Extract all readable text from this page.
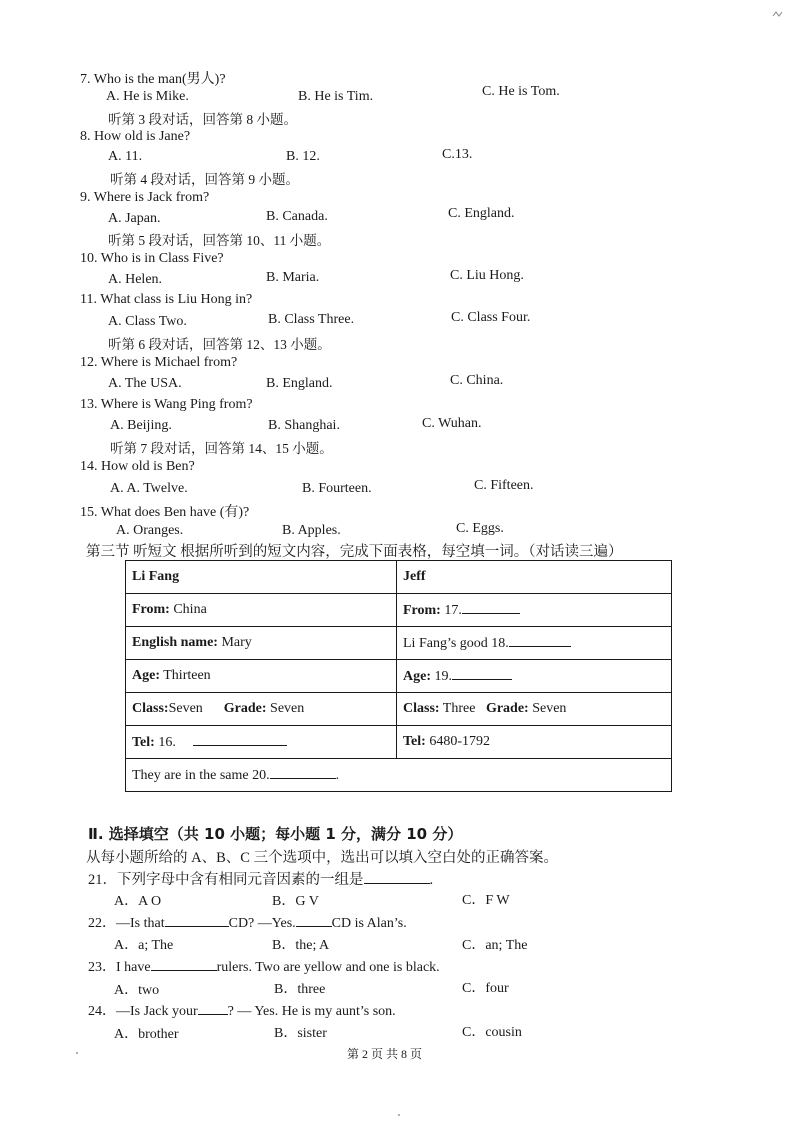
7. Who is the man(男人)?
A. He is Mike.	B. He is Tim.	C. He is Tom.
听第 3 段对话，回答第 8 小题。
8. How old is Jane?
A. 11.	B. 12.	C.13.
听第 4 段对话，回答第 9 小题。
9. Where is Jack from?
A. Japan.	B. Canada.	C. England.
听第 5 段对话，回答第 10、11 小题。
10. Who is in Class Five?
A. Helen.	B. Maria.	C. Liu Hong.
11. What class is Liu Hong in?
A. Class Two.	B. Class Three.	C. Class Four.
听第 6 段对话，回答第 12、13 小题。
12. Where is Michael from?
A. The USA.	B. England.	C. China.
13. Where is Wang Ping from?
A. Beijing.	B. Shanghai.	C. Wuhan.
听第 7 段对话，回答第 14、15 小题。
14. How old is Ben?
A. A. Twelve.	B. Fourteen.	C. Fifteen.
15. What does Ben have (有)?
A. Oranges.	B. Apples.	C. Eggs.
第三节 听短文 根据所听到的短文内容，完成下面表格，每空填一词。（对话读三遍）
Li Fang	Jeff
From: China	From: 17.
English name: Mary	Li Fang’s good 18.
Age: Thirteen	Age: 19.
Class:Seven Grade: Seven	Class: Three Grade: Seven
Tel: 16.	Tel: 6480-1792
They are in the same 20. .	
Ⅱ. 选择填空（共 10 小题；每小题 1 分，满分 10 分）
从每小题所给的 A、B、C 三个选项中，选出可以填入空白处的正确答案。
21．下列字母中含有相同元音因素的一组是	.
A．A O	B．G V	C．F W
22．—Is that	CD? —Yes.	CD is Alan’s.
A．a; The	B．the; A	C．an; The
23．I have	rulers. Two are yellow and one is black.
A．two	B．three	C．four
24．—Is Jack your ? — Yes. He is my aunt’s son.
A．brother	B．sister	C．cousin
第 2 页 共 8 页
